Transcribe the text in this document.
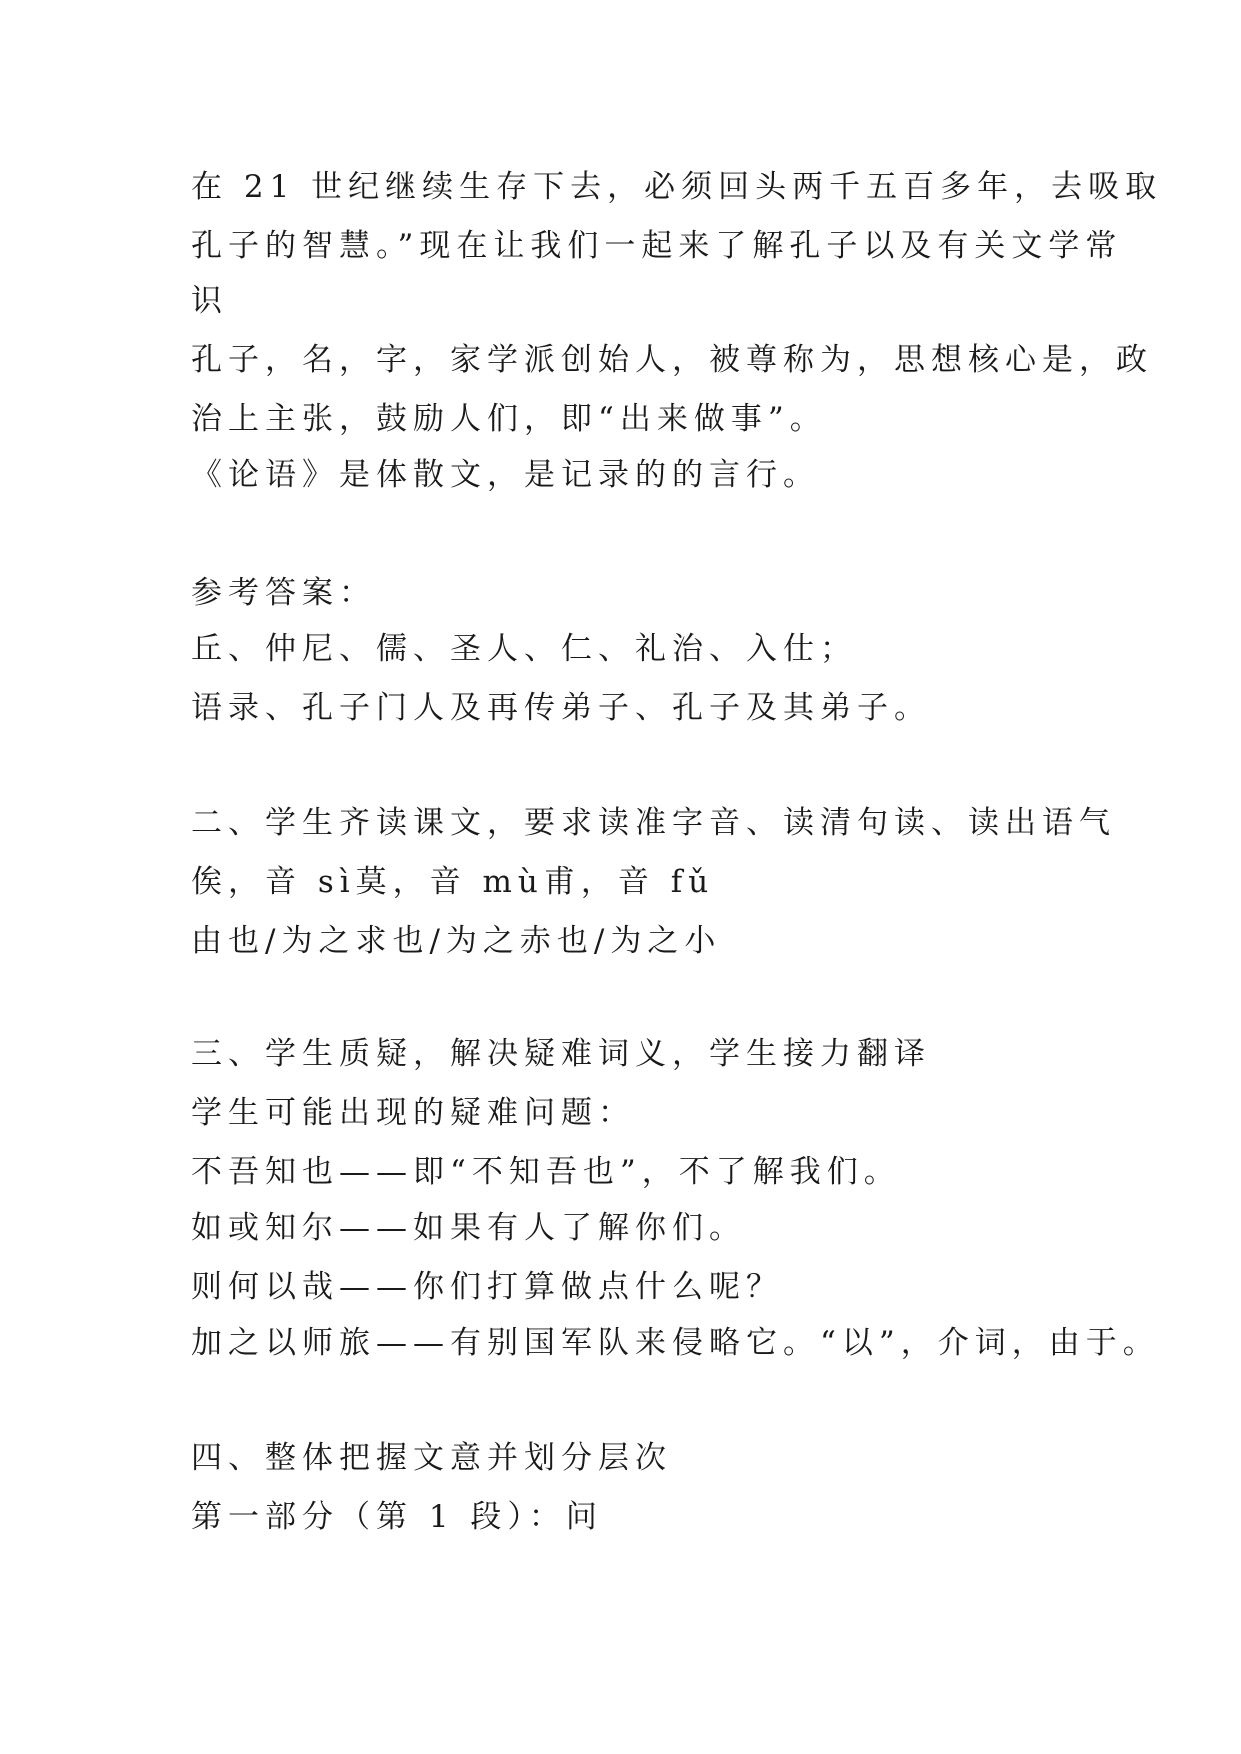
在 21 世纪继续生存下去，必须回头两千五百多年，去吸取
孔子的智慧。”现在让我们一起来了解孔子以及有关文学常
识
孔子，名，字，家学派创始人，被尊称为，思想核心是，政
治上主张，鼓励人们，即“出来做事”。
《论语》是体散文，是记录的的言行。
参考答案：
丘、仲尼、儒、圣人、仁、礼治、入仕；
语录、孔子门人及再传弟子、孔子及其弟子。
二、学生齐读课文，要求读准字音、读清句读、读出语气
俟，音 sì莫，音 mù甫，音 fǔ
由也/为之求也/为之赤也/为之小
三、学生质疑，解决疑难词义，学生接力翻译
学生可能出现的疑难问题：
不吾知也——即“不知吾也”，不了解我们。
如或知尔——如果有人了解你们。
则何以哉——你们打算做点什么呢？
加之以师旅——有别国军队来侵略它。“以”，介词，由于。
四、整体把握文意并划分层次
第一部分（第 1 段）：问
